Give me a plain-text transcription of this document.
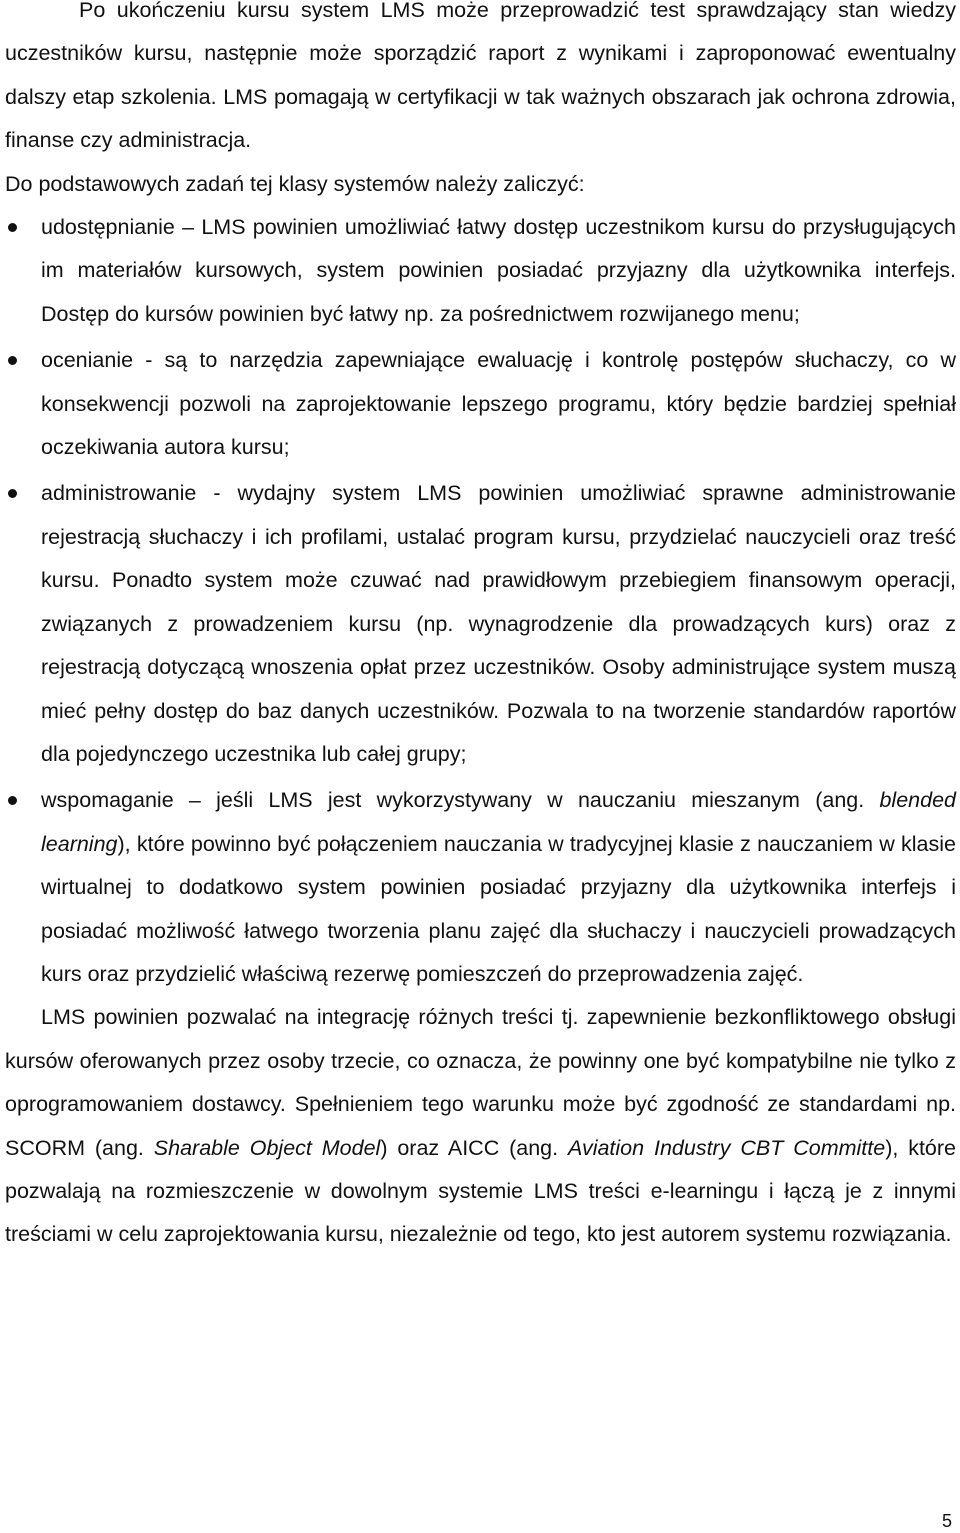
Po ukończeniu kursu system LMS może przeprowadzić test sprawdzający stan wiedzy uczestników kursu, następnie może sporządzić raport z wynikami i zaproponować ewentualny dalszy etap szkolenia. LMS pomagają w certyfikacji w tak ważnych obszarach jak ochrona zdrowia, finanse czy administracja.

Do podstawowych zadań tej klasy systemów należy zaliczyć:

udostępnianie – LMS powinien umożliwiać łatwy dostęp uczestnikom kursu do przysługujących im materiałów kursowych, system powinien posiadać przyjazny dla użytkownika interfejs. Dostęp do kursów powinien być łatwy np. za pośrednictwem rozwijanego menu;
ocenianie - są to narzędzia zapewniające ewaluację i kontrolę postępów słuchaczy, co w konsekwencji pozwoli na zaprojektowanie lepszego programu, który będzie bardziej spełniał oczekiwania autora kursu;
administrowanie - wydajny system LMS powinien umożliwiać sprawne administrowanie rejestracją słuchaczy i ich profilami, ustalać program kursu, przydzielać nauczycieli oraz treść kursu. Ponadto system może czuwać nad prawidłowym przebiegiem finansowym operacji, związanych z prowadzeniem kursu (np. wynagrodzenie dla prowadzących kurs) oraz z rejestracją dotyczącą wnoszenia opłat przez uczestników. Osoby administrujące system muszą mieć pełny dostęp do baz danych uczestników. Pozwala to na tworzenie standardów raportów dla pojedynczego uczestnika lub całej grupy;
wspomaganie – jeśli LMS jest wykorzystywany w nauczaniu mieszanym (ang. blended learning), które powinno być połączeniem nauczania w tradycyjnej klasie z nauczaniem w klasie wirtualnej to dodatkowo system powinien posiadać przyjazny dla użytkownika interfejs i posiadać możliwość łatwego tworzenia planu zajęć dla słuchaczy i nauczycieli prowadzących kurs oraz przydzielić właściwą rezerwę pomieszczeń do przeprowadzenia zajęć.

LMS powinien pozwalać na integrację różnych treści tj. zapewnienie bezkonfliktowego obsługi kursów oferowanych przez osoby trzecie, co oznacza, że powinny one być kompatybilne nie tylko z oprogramowaniem dostawcy. Spełnieniem tego warunku może być zgodność ze standardami np. SCORM (ang. Sharable Object Model) oraz AICC (ang. Aviation Industry CBT Committe), które pozwalają na rozmieszczenie w dowolnym systemie LMS treści e-learningu i łączą je z innymi treściami w celu zaprojektowania kursu, niezależnie od tego, kto jest autorem systemu rozwiązania.

5
